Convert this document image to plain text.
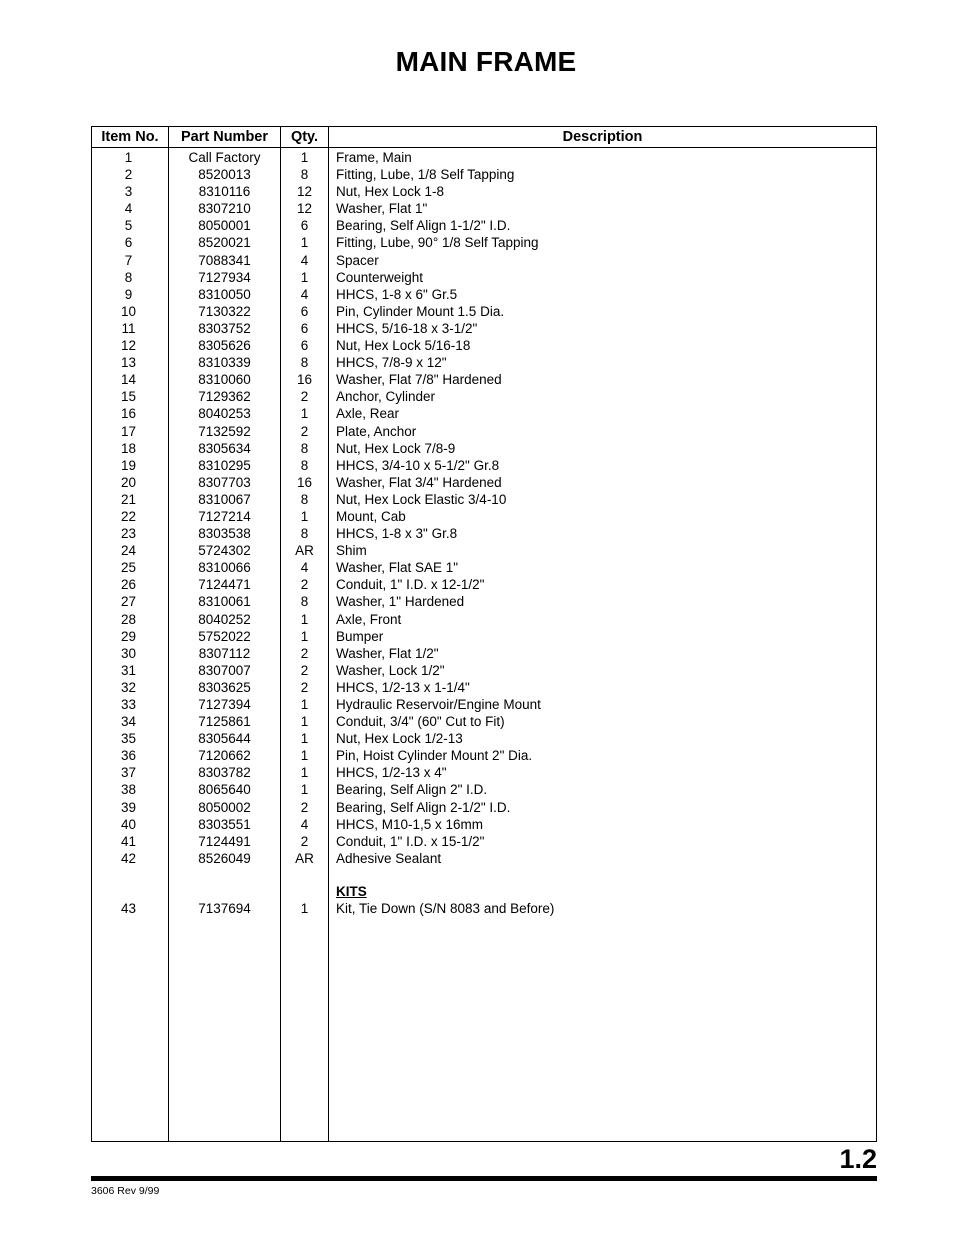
MAIN FRAME
Item No.	Part Number	Qty.	Description
1	Call Factory	1	Frame, Main
2	8520013	8	Fitting, Lube, 1/8 Self Tapping
3	8310116	12	Nut, Hex Lock 1-8
4	8307210	12	Washer, Flat 1"
5	8050001	6	Bearing, Self Align 1-1/2" I.D.
6	8520021	1	Fitting, Lube, 90° 1/8 Self Tapping
7	7088341	4	Spacer
8	7127934	1	Counterweight
9	8310050	4	HHCS, 1-8 x 6" Gr.5
10	7130322	6	Pin, Cylinder Mount 1.5 Dia.
11	8303752	6	HHCS, 5/16-18 x 3-1/2"
12	8305626	6	Nut, Hex Lock 5/16-18
13	8310339	8	HHCS, 7/8-9 x 12"
14	8310060	16	Washer, Flat 7/8" Hardened
15	7129362	2	Anchor, Cylinder
16	8040253	1	Axle, Rear
17	7132592	2	Plate, Anchor
18	8305634	8	Nut, Hex Lock 7/8-9
19	8310295	8	HHCS, 3/4-10 x 5-1/2" Gr.8
20	8307703	16	Washer, Flat 3/4" Hardened
21	8310067	8	Nut, Hex Lock Elastic 3/4-10
22	7127214	1	Mount, Cab
23	8303538	8	HHCS, 1-8 x 3" Gr.8
24	5724302	AR	Shim
25	8310066	4	Washer, Flat SAE 1"
26	7124471	2	Conduit, 1" I.D. x 12-1/2"
27	8310061	8	Washer, 1" Hardened
28	8040252	1	Axle, Front
29	5752022	1	Bumper
30	8307112	2	Washer, Flat 1/2"
31	8307007	2	Washer, Lock 1/2"
32	8303625	2	HHCS, 1/2-13 x 1-1/4"
33	7127394	1	Hydraulic Reservoir/Engine Mount
34	7125861	1	Conduit, 3/4" (60" Cut to Fit)
35	8305644	1	Nut, Hex Lock 1/2-13
36	7120662	1	Pin, Hoist Cylinder Mount 2" Dia.
37	8303782	1	HHCS, 1/2-13 x 4"
38	8065640	1	Bearing, Self Align 2" I.D.
39	8050002	2	Bearing, Self Align 2-1/2" I.D.
40	8303551	4	HHCS, M10-1,5 x 16mm
41	7124491	2	Conduit, 1" I.D. x 15-1/2"
42	8526049	AR	Adhesive Sealant
KITS
43	7137694	1	Kit, Tie Down (S/N 8083 and Before)
1.2
3606 Rev 9/99
